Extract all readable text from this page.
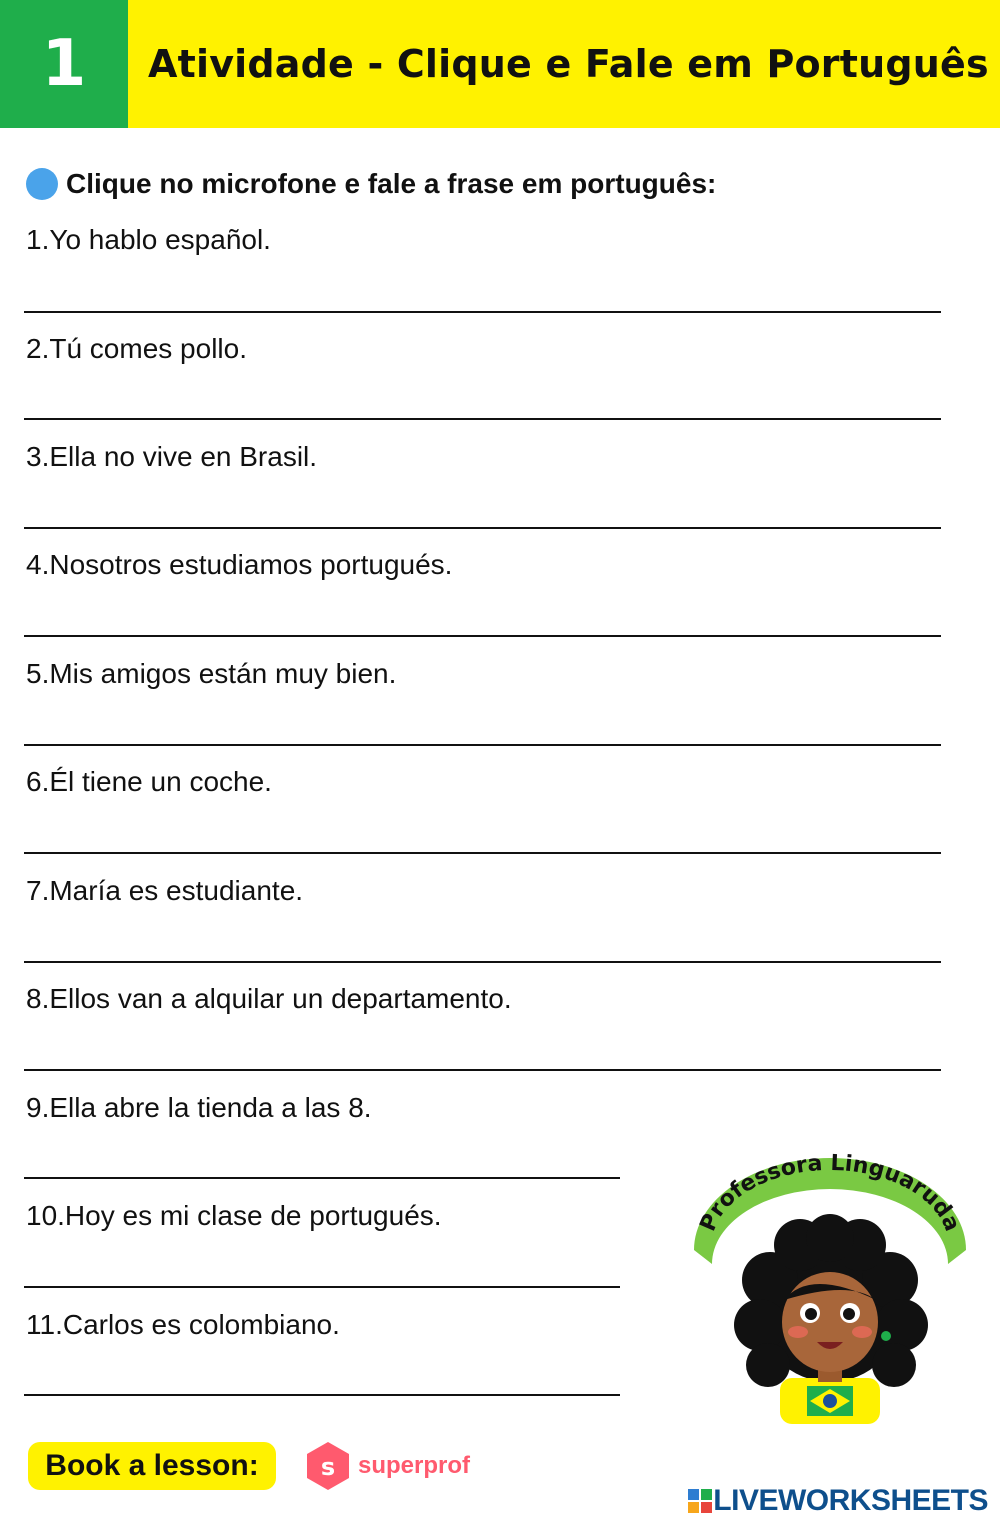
1	Atividade - Clique e Fale em Português
Clique no microfone e fale a frase em português:
1.Yo hablo español.
2.Tú comes pollo.
3.Ella no vive en Brasil.
4.Nosotros estudiamos portugués.
5.Mis amigos están muy bien.
6.Él tiene un coche.
7.María es estudiante.
8.Ellos van a alquilar un departamento.
9.Ella abre la tienda a las 8.
10.Hoy es mi clase de portugués.
11.Carlos es colombiano.
Professora Linguaruda
Book a lesson:	s superprof
LIVEWORKSHEETS
